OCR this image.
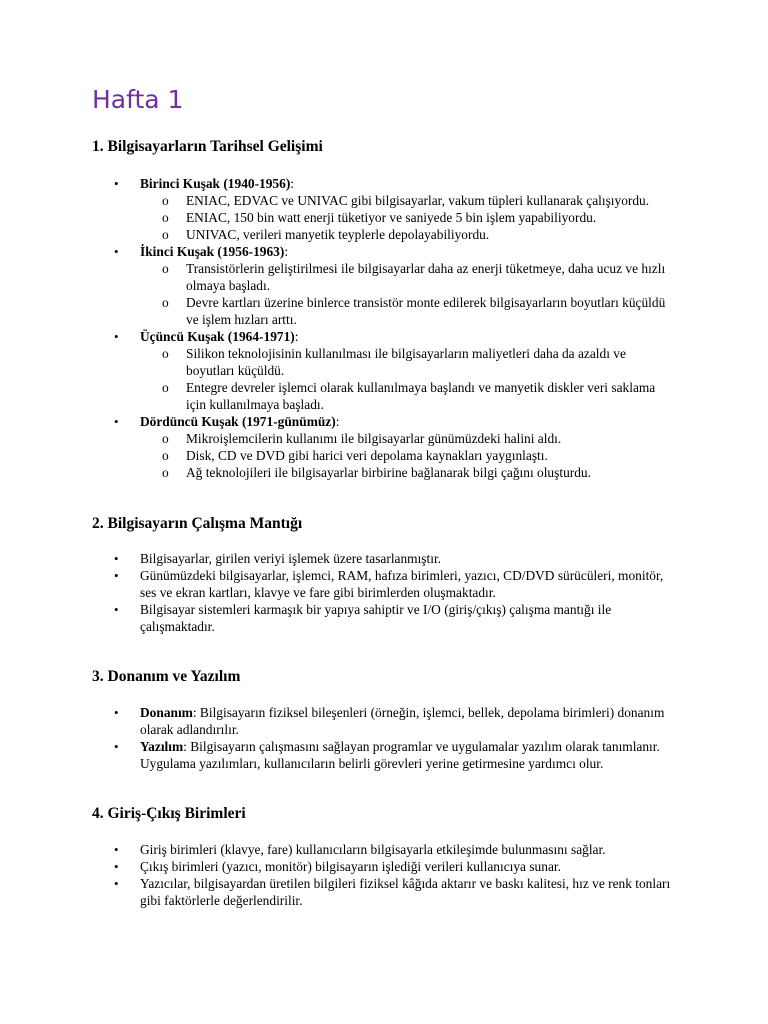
Hafta 1
1. Bilgisayarların Tarihsel Gelişimi
• Birinci Kuşak (1940-1956):
o ENIAC, EDVAC ve UNIVAC gibi bilgisayarlar, vakum tüpleri kullanarak çalışıyordu.
o ENIAC, 150 bin watt enerji tüketiyor ve saniyede 5 bin işlem yapabiliyordu.
o UNIVAC, verileri manyetik teyplerle depolayabiliyordu.
• İkinci Kuşak (1956-1963):
o Transistörlerin geliştirilmesi ile bilgisayarlar daha az enerji tüketmeye, daha ucuz ve hızlı olmaya başladı.
o Devre kartları üzerine binlerce transistör monte edilerek bilgisayarların boyutları küçüldü ve işlem hızları arttı.
• Üçüncü Kuşak (1964-1971):
o Silikon teknolojisinin kullanılması ile bilgisayarların maliyetleri daha da azaldı ve boyutları küçüldü.
o Entegre devreler işlemci olarak kullanılmaya başlandı ve manyetik diskler veri saklama için kullanılmaya başladı.
• Dördüncü Kuşak (1971-günümüz):
o Mikroişlemcilerin kullanımı ile bilgisayarlar günümüzdeki halini aldı.
o Disk, CD ve DVD gibi harici veri depolama kaynakları yaygınlaştı.
o Ağ teknolojileri ile bilgisayarlar birbirine bağlanarak bilgi çağını oluşturdu.
2. Bilgisayarın Çalışma Mantığı
• Bilgisayarlar, girilen veriyi işlemek üzere tasarlanmıştır.
• Günümüzdeki bilgisayarlar, işlemci, RAM, hafıza birimleri, yazıcı, CD/DVD sürücüleri, monitör, ses ve ekran kartları, klavye ve fare gibi birimlerden oluşmaktadır.
• Bilgisayar sistemleri karmaşık bir yapıya sahiptir ve I/O (giriş/çıkış) çalışma mantığı ile çalışmaktadır.
3. Donanım ve Yazılım
• Donanım: Bilgisayarın fiziksel bileşenleri (örneğin, işlemci, bellek, depolama birimleri) donanım olarak adlandırılır.
• Yazılım: Bilgisayarın çalışmasını sağlayan programlar ve uygulamalar yazılım olarak tanımlanır. Uygulama yazılımları, kullanıcıların belirli görevleri yerine getirmesine yardımcı olur.
4. Giriş-Çıkış Birimleri
• Giriş birimleri (klavye, fare) kullanıcıların bilgisayarla etkileşimde bulunmasını sağlar.
• Çıkış birimleri (yazıcı, monitör) bilgisayarın işlediği verileri kullanıcıya sunar.
• Yazıcılar, bilgisayardan üretilen bilgileri fiziksel kâğıda aktarır ve baskı kalitesi, hız ve renk tonları gibi faktörlerle değerlendirilir.
